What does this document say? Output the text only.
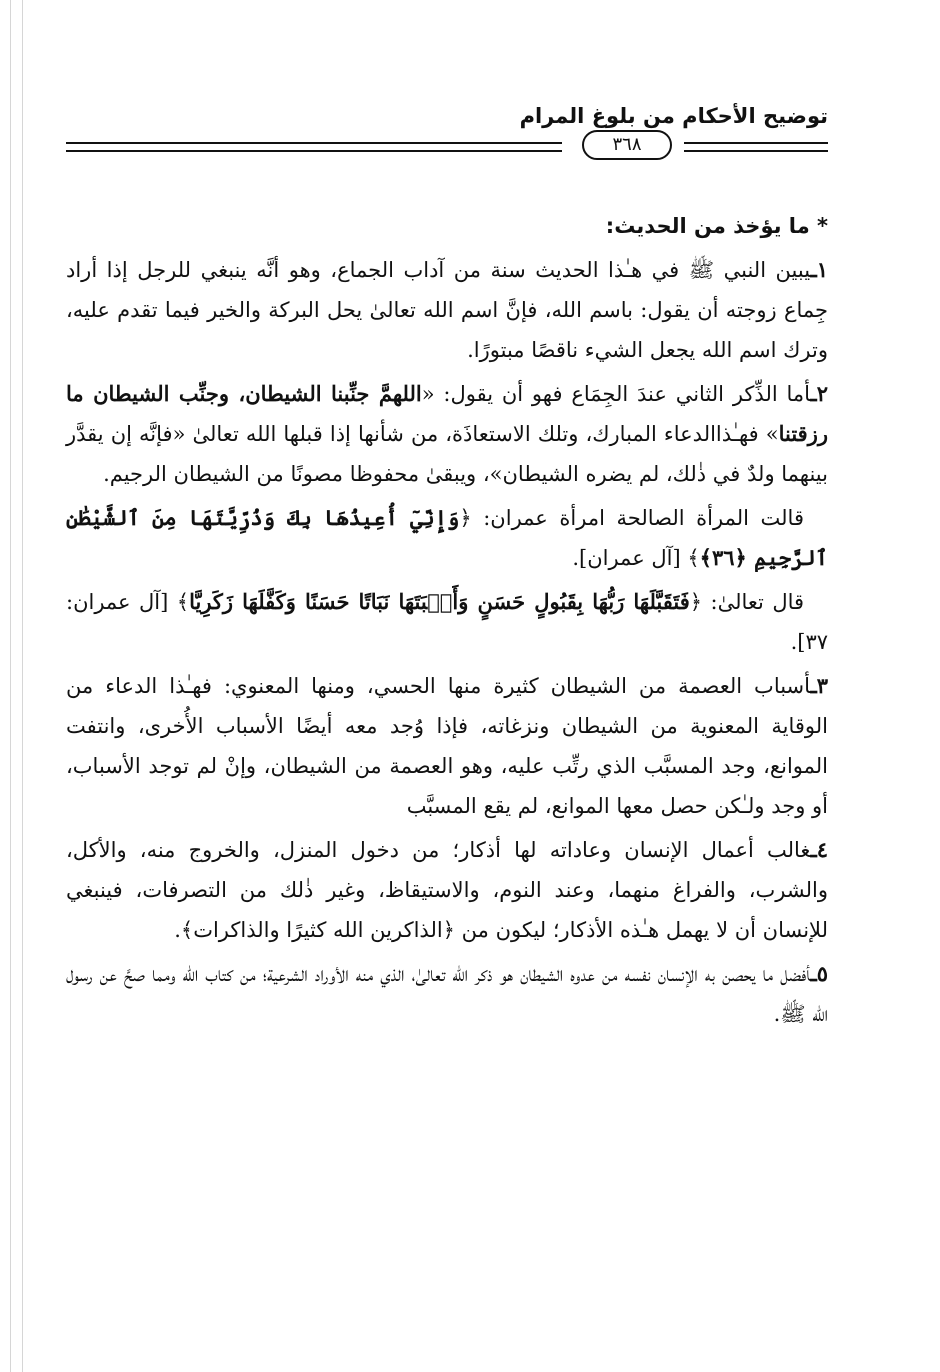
توضيح الأحكام من بلوغ المرام
٣٦٨

* ما يؤخذ من الحديث:

١ـيبين النبي ﷺ في هـٰذا الحديث سنة من آداب الجماع، وهو أنَّه ينبغي للرجل إذا أراد جِماع زوجته أن يقول: باسم الله، فإنَّ اسم الله تعالىٰ يحل البركة والخير فيما تقدم عليه، وترك اسم الله يجعل الشيء ناقصًا مبتورًا.

٢ـأما الذِّكر الثاني عندَ الجِمَاع فهو أن يقول: «اللهمَّ جنِّبنا الشيطان، وجنِّب الشيطان ما رزقتنا» فهـٰذاالدعاء المبارك، وتلك الاستعاذَة، من شأنها إذا قبلها الله تعالىٰ «فإنَّه إن يقدَّر بينهما ولدٌ في ذٰلك، لم يضره الشيطان»، ويبقىٰ محفوظا مصونًا من الشيطان الرجيم.

قالت المرأة الصالحة امرأة عمران: ﴿وَإِنِّيٓ أُعِيذُهَا بِكَ وَذُرِّيَّتَهَا مِنَ ٱلشَّيْطَٰنِ ٱلرَّجِيمِ ﴿٣٦﴾﴾ [آل عمران].

قال تعالىٰ: ﴿فَتَقَبَّلَهَا رَبُّهَا بِقَبُولٍ حَسَنٍ وَأَنۢبَتَهَا نَبَاتًا حَسَنًا وَكَفَّلَهَا زَكَرِيَّا﴾ [آل عمران: ٣٧].

٣ـأسباب العصمة من الشيطان كثيرة منها الحسي، ومنها المعنوي: فهـٰذا الدعاء من الوقاية المعنوية من الشيطان ونزغاته، فإذا وُجد معه أيضًا الأسباب الأُخرى، وانتفت الموانع، وجد المسبَّب الذي رتِّب عليه، وهو العصمة من الشيطان، وإنْ لم توجد الأسباب، أو وجد ولـٰكن حصل معها الموانع، لم يقع المسبَّب

٤ـغالب أعمال الإنسان وعاداته لها أذكار؛ من دخول المنزل، والخروج منه، والأكل، والشرب، والفراغ منهما، وعند النوم، والاستيقاظ، وغير ذٰلك من التصرفات، فينبغي للإنسان أن لا يهمل هـٰذه الأذكار؛ ليكون من ﴿الذاكرين الله كثيرًا والذاكرات﴾.

٥ـأفضل ما يحصن به الإنسان نفسه من عدوه الشيطان هو ذكر الله تعالىٰ، الذي منه الأوراد الشرعية؛ من كتاب الله ومما صحَّ عن رسول الله ﷺ.
